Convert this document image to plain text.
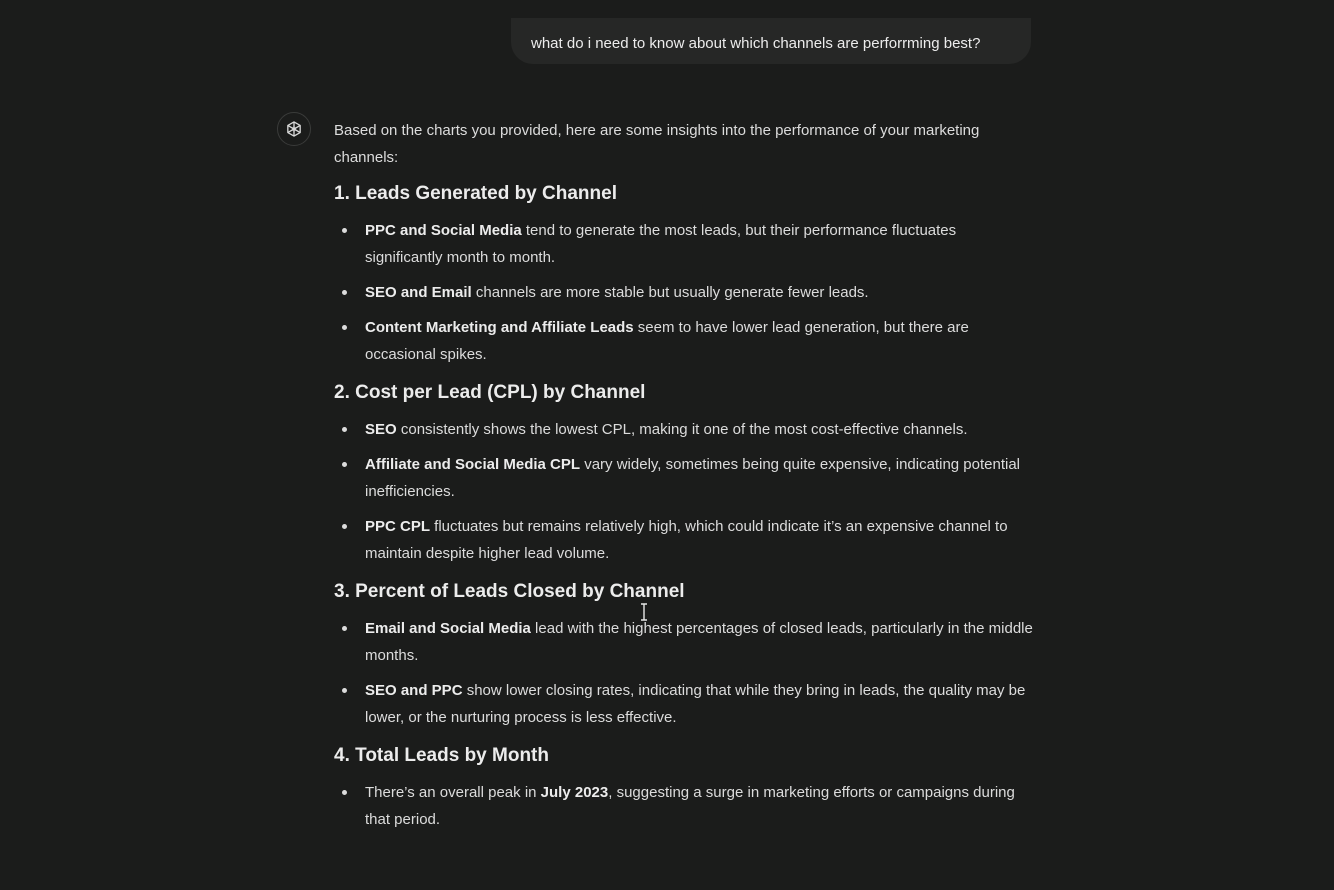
what do i need to know about which channels are perforrming best?

Based on the charts you provided, here are some insights into the performance of your marketing channels:

1. Leads Generated by Channel
PPC and Social Media tend to generate the most leads, but their performance fluctuates significantly month to month.
SEO and Email channels are more stable but usually generate fewer leads.
Content Marketing and Affiliate Leads seem to have lower lead generation, but there are occasional spikes.
2. Cost per Lead (CPL) by Channel
SEO consistently shows the lowest CPL, making it one of the most cost-effective channels.
Affiliate and Social Media CPL vary widely, sometimes being quite expensive, indicating potential inefficiencies.
PPC CPL fluctuates but remains relatively high, which could indicate it’s an expensive channel to maintain despite higher lead volume.
3. Percent of Leads Closed by Channel
Email and Social Media lead with the highest percentages of closed leads, particularly in the middle months.
SEO and PPC show lower closing rates, indicating that while they bring in leads, the quality may be lower, or the nurturing process is less effective.
4. Total Leads by Month
There’s an overall peak in July 2023, suggesting a surge in marketing efforts or campaigns during that period.
